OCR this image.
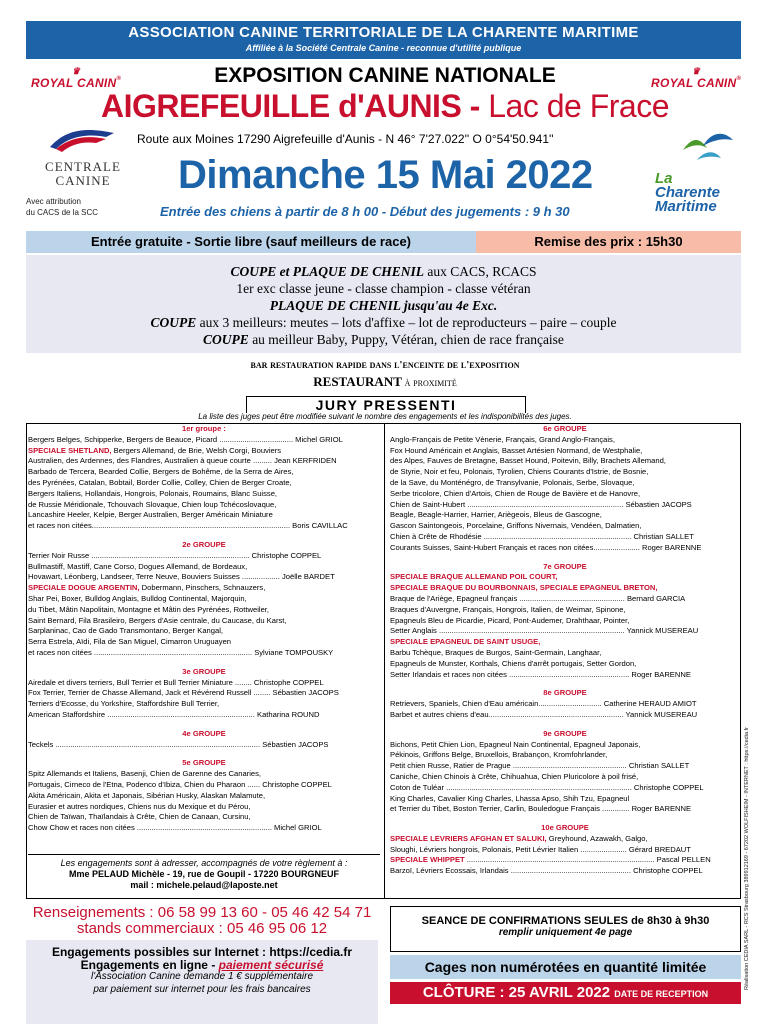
ASSOCIATION CANINE TERRITORIALE DE LA CHARENTE MARITIME
Affiliée à la Société Centrale Canine - reconnue d'utilité publique
♛
ROYAL CANIN®
♛
ROYAL CANIN®
EXPOSITION CANINE NATIONALE
AIGREFEUILLE d'AUNIS - Lac de Frace
Route aux Moines 17290 Aigrefeuille d'Aunis - N 46° 7'27.022'' O 0°54'50.941''
CENTRALE
CANINE
Avec attribution
du CACS de la SCC
Dimanche 15 Mai 2022
Entrée des chiens à partir de 8 h 00 - Début des jugements : 9 h 30
La
Charente
Maritime
Entrée gratuite - Sortie libre (sauf meilleurs de race)	Remise des prix : 15h30
COUPE et PLAQUE DE CHENIL aux CACS, RCACS
1er exc classe jeune - classe champion - classe vétéran
PLAQUE DE CHENIL jusqu'au 4e Exc.
COUPE aux 3 meilleurs: meutes – lots d'affixe – lot de reproducteurs – paire – couple
COUPE au meilleur Baby, Puppy, Vétéran, chien de race française
bar restauration rapide dans l'enceinte de l'exposition
RESTAURANT à proximité
JURY PRESSENTI
La liste des juges peut être modifiée suivant le nombre des engagements et les indisponibilités des juges.
1er groupe :
Bergers Belges, Schipperke, Bergers de Beauce, Picard ................................... Michel GRIOL
SPECIALE SHETLAND, Bergers Allemand, de Brie, Welsh Corgi, Bouviers
Australien, des Ardennes, des Flandres, Australien à queue courte ......... Jean KERFRIDEN
Barbado de Tercera, Bearded Collie, Bergers de Bohême, de la Serra de Aires,
des Pyrénées, Catalan, Bobtail, Border Collie, Colley, Chien de Berger Croate,
Bergers Italiens, Hollandais, Hongrois, Polonais, Roumains, Blanc Suisse,
de Russie Méridionale, Tchouvach Slovaque, Chien loup Tchécoslovaque,
Lancashire Heeler, Kelpie, Berger Australien, Berger Américain Miniature
et races non citées.............................................................................................. Boris CAVILLAC
2e GROUPE
Terrier Noir Russe ........................................................................... Christophe COPPEL
Bullmastiff, Mastiff, Cane Corso, Dogues Allemand, de Bordeaux,
Hovawart, Léonberg, Landseer, Terre Neuve, Bouviers Suisses .................. Joëlle BARDET
SPECIALE DOGUE ARGENTIN, Dobermann, Pinschers, Schnauzers,
Shar Pei, Boxer, Bulldog Anglais, Bulldog Continental, Majorquin,
du Tibet, Mâtin Napolitain, Montagne et Mâtin des Pyrénées, Rottweiler,
Saint Bernard, Fila Brasileiro, Bergers d'Asie centrale, du Caucase, du Karst,
Sarplaninac, Cao de Gado Transmontano, Berger Kangal,
Serra Estrela, Aïdi, Fila de San Miguel, Cimarron Uruguayen
et races non citées ........................................................................... Sylviane TOMPOUSKY
3e GROUPE
Airedale et divers terriers, Bull Terrier et Bull Terrier Miniature ........ Christophe COPPEL
Fox Terrier, Terrier de Chasse Allemand, Jack et Révérend Russell ........ Sébastien JACOPS
Terriers d'Ecosse, du Yorkshire, Staffordshire Bull Terrier,
American Staffordshire ...................................................................... Katharina ROUND
4e GROUPE
Teckels ................................................................................................. Sébastien JACOPS
5e GROUPE
Spitz Allemands et Italiens, Basenji, Chien de Garenne des Canaries,
Portugais, Cirneco de l'Etna, Podenco d'Ibiza, Chien du Pharaon ...... Christophe COPPEL
Akita Américain, Akita et Japonais, Sibérian Husky, Alaskan Malamute,
Eurasier et autres nordiques, Chiens nus du Mexique et du Pérou,
Chien de Taïwan, Thaïlandais à Crête, Chien de Canaan, Cursinu,
Chow Chow et races non citées ................................................................ Michel GRIOL
Les engagements sont à adresser, accompagnés de votre règlement à :
Mme PELAUD Michèle - 19, rue de Goupil - 17220 BOURGNEUF
mail : michele.pelaud@laposte.net
6e GROUPE
Anglo-Français de Petite Vènerie, Français, Grand Anglo-Français,
Fox Hound Américain et Anglais, Basset Artésien Normand, de Westphalie,
des Alpes, Fauves de Bretagne, Basset Hound, Poitevin, Billy, Brachets Allemand,
de Styrie, Noir et feu, Polonais, Tyrolien, Chiens Courants d'Istrie, de Bosnie,
de la Save, du Monténégro, de Transylvanie, Polonais, Serbe, Slovaque,
Serbe tricolore, Chien d'Artois, Chien de Rouge de Bavière et de Hanovre,
Chien de Saint-Hubert .......................................................................... Sébastien JACOPS
Beagle, Beagle-Harrier, Harrier, Ariègeois, Bleus de Gascogne,
Gascon Saintongeois, Porcelaine, Griffons Nivernais, Vendéen, Dalmatien,
Chien à Crête de Rhodésie ...................................................................... Christian SALLET
Courants Suisses, Saint-Hubert Français et races non citées...................... Roger BARENNE
7e GROUPE
SPECIALE BRAQUE ALLEMAND POIL COURT,
SPECIALE BRAQUE DU BOURBONNAIS, SPECIALE EPAGNEUL BRETON,
Braque de l'Ariège, Epagneul français .................................................. Bernard GARCIA
Braques d'Auvergne, Français, Hongrois, Italien, de Weimar, Spinone,
Epagneuls Bleu de Picardie, Picard, Pont-Audemer, Drahthaar, Pointer,
Setter Anglais ........................................................................................ Yannick MUSEREAU
SPECIALE EPAGNEUL DE SAINT USUGE,
Barbu Tchèque, Braques de Burgos, Saint-Germain, Langhaar,
Epagneuls de Munster, Korthals, Chiens d'arrêt portugais, Setter Gordon,
Setter Irlandais et races non citées ......................................................... Roger BARENNE
8e GROUPE
Retrievers, Spaniels, Chien d'Eau américain.............................. Catherine HERAUD AMIOT
Barbet et autres chiens d'eau................................................................ Yannick MUSEREAU
9e GROUPE
Bichons, Petit Chien Lion, Epagneul Nain Continental, Epagneul Japonais,
Pékinois, Griffons Belge, Bruxellois, Brabançon, Kromfohrlander,
Petit chien Russe, Ratier de Prague ...................................................... Christian SALLET
Caniche, Chien Chinois à Crête, Chihuahua, Chien Pluricolore à poil frisé,
Coton de Tuléar ........................................................................................ Christophe COPPEL
King Charles, Cavalier King Charles, Lhassa Apso, Shih Tzu, Epagneul
et Terrier du Tibet, Boston Terrier, Carlin, Bouledogue Français ............. Roger BARENNE
10e GROUPE
SPECIALE LEVRIERS AFGHAN ET SALUKI, Greyhound, Azawakh, Galgo,
Sloughi, Lévriers hongrois, Polonais, Petit Lévrier Italien ...................... Gérard BREDAUT
SPECIALE WHIPPET ......................................................................................... Pascal PELLEN
Barzoï, Lévriers Ecossais, Irlandais ......................................................... Christophe COPPEL
Renseignements : 06 58 99 13 60 - 05 46 42 54 71
stands commerciaux : 05 46 95 06 12
Engagements possibles sur Internet : https://cedia.fr
Engagements en ligne - paiement sécurisé
l'Association Canine demande 1 € supplémentaire
par paiement sur internet pour les frais bancaires
SEANCE DE CONFIRMATIONS SEULES de 8h30 à 9h30
remplir uniquement 4e page
Cages non numérotées en quantité limitée
CLÔTURE : 25 AVRIL 2022 DATE DE RECEPTION
Réalisation CEDIA SARL - RCS Strasbourg 389912169 - 67202 WOLFISHEIM - INTERNET : https://cedia.fr
